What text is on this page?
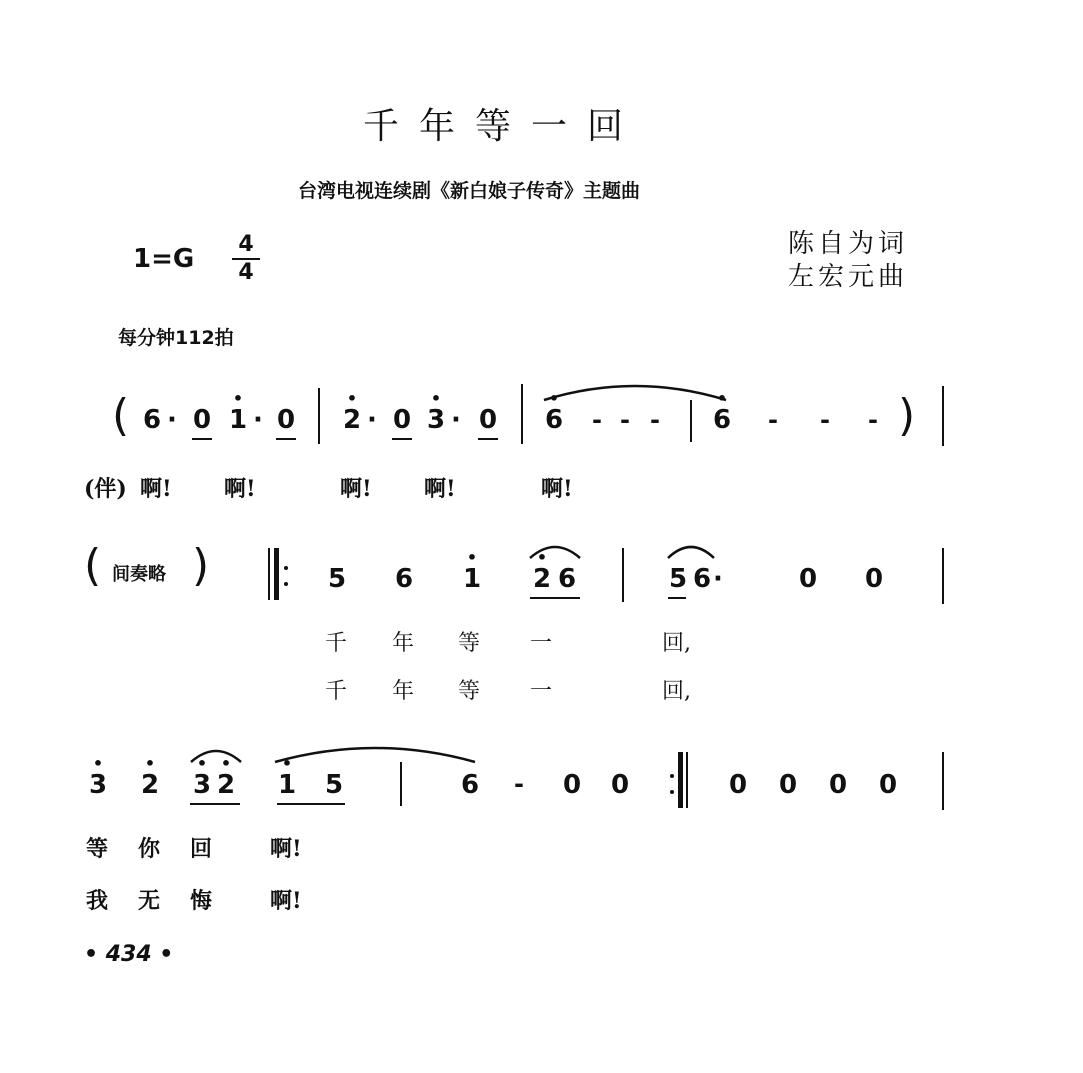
千年等一回
台湾电视连续剧《新白娘子传奇》主题曲
1=G 4
4
陈自为词
左宏元曲
每分钟112拍
( 6 · 0
•
1 · 0
•
2 · 0
•
3 · 0
•
6 - - -
•
6 - - - )
(伴) 啊! 啊!	啊! 啊!	啊!
( 间奏略 )	5 6
•
1
•
2 6	5 6 ·	0 0
千 年 等 一	回,
千 年 等 一	回,
•
3
•
2
•
3
•
2
•
1 5	6 - 0 0	0 0 0 0
等 你 回	啊!
我 无 悔	啊!
• 434 •
